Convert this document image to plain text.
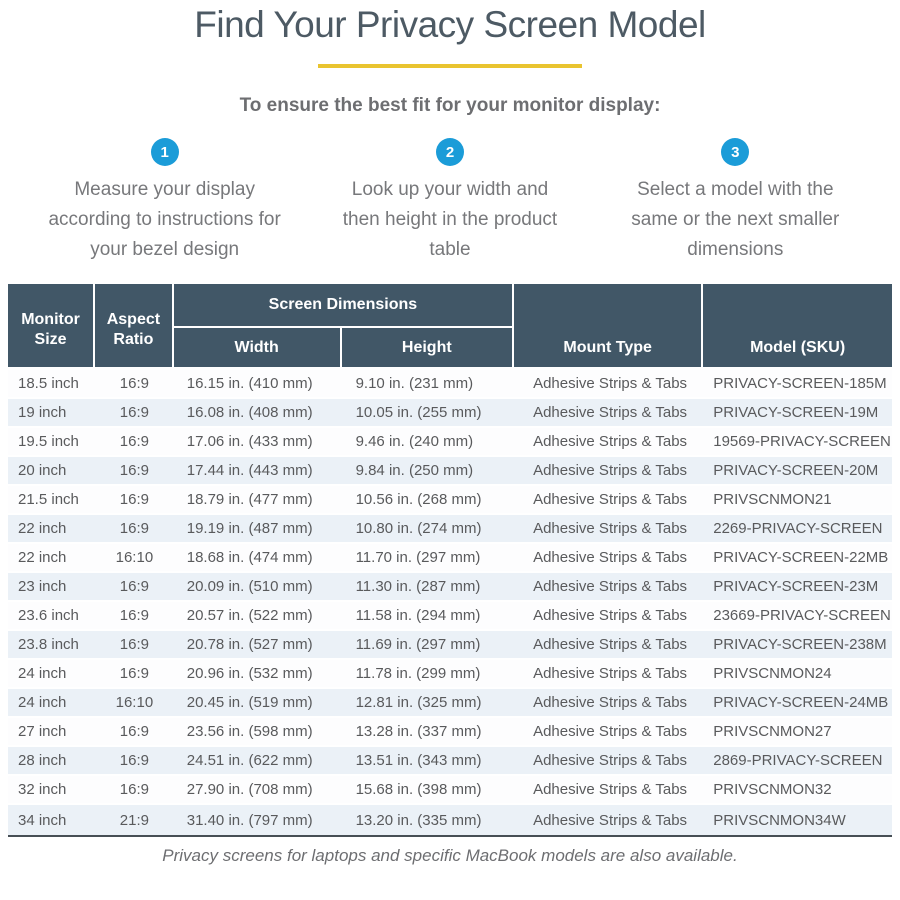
Find Your Privacy Screen Model

To ensure the best fit for your monitor display:

1
Measure your display according to instructions for your bezel design
2
Look up your width and then height in the product table
3
Select a model with the same or the next smaller dimensions
Monitor Size
Aspect Ratio
Screen Dimensions
Width	Height	Mount Type	Model (SKU)
18.5 inch	16:9	16.15 in. (410 mm)	9.10 in. (231 mm)	Adhesive Strips & Tabs	PRIVACY-SCREEN-185M
19 inch	16:9	16.08 in. (408 mm)	10.05 in. (255 mm)	Adhesive Strips & Tabs	PRIVACY-SCREEN-19M
19.5 inch	16:9	17.06 in. (433 mm)	9.46 in. (240 mm)	Adhesive Strips & Tabs	19569-PRIVACY-SCREEN
20 inch	16:9	17.44 in. (443 mm)	9.84 in. (250 mm)	Adhesive Strips & Tabs	PRIVACY-SCREEN-20M
21.5 inch	16:9	18.79 in. (477 mm)	10.56 in. (268 mm)	Adhesive Strips & Tabs	PRIVSCNMON21
22 inch	16:9	19.19 in. (487 mm)	10.80 in. (274 mm)	Adhesive Strips & Tabs	2269-PRIVACY-SCREEN
22 inch	16:10	18.68 in. (474 mm)	11.70 in. (297 mm)	Adhesive Strips & Tabs	PRIVACY-SCREEN-22MB
23 inch	16:9	20.09 in. (510 mm)	11.30 in. (287 mm)	Adhesive Strips & Tabs	PRIVACY-SCREEN-23M
23.6 inch	16:9	20.57 in. (522 mm)	11.58 in. (294 mm)	Adhesive Strips & Tabs	23669-PRIVACY-SCREEN
23.8 inch	16:9	20.78 in. (527 mm)	11.69 in. (297 mm)	Adhesive Strips & Tabs	PRIVACY-SCREEN-238M
24 inch	16:9	20.96 in. (532 mm)	11.78 in. (299 mm)	Adhesive Strips & Tabs	PRIVSCNMON24
24 inch	16:10	20.45 in. (519 mm)	12.81 in. (325 mm)	Adhesive Strips & Tabs	PRIVACY-SCREEN-24MB
27 inch	16:9	23.56 in. (598 mm)	13.28 in. (337 mm)	Adhesive Strips & Tabs	PRIVSCNMON27
28 inch	16:9	24.51 in. (622 mm)	13.51 in. (343 mm)	Adhesive Strips & Tabs	2869-PRIVACY-SCREEN
32 inch	16:9	27.90 in. (708 mm)	15.68 in. (398 mm)	Adhesive Strips & Tabs	PRIVSCNMON32
34 inch	21:9	31.40 in. (797 mm)	13.20 in. (335 mm)	Adhesive Strips & Tabs	PRIVSCNMON34W

Privacy screens for laptops and specific MacBook models are also available.
